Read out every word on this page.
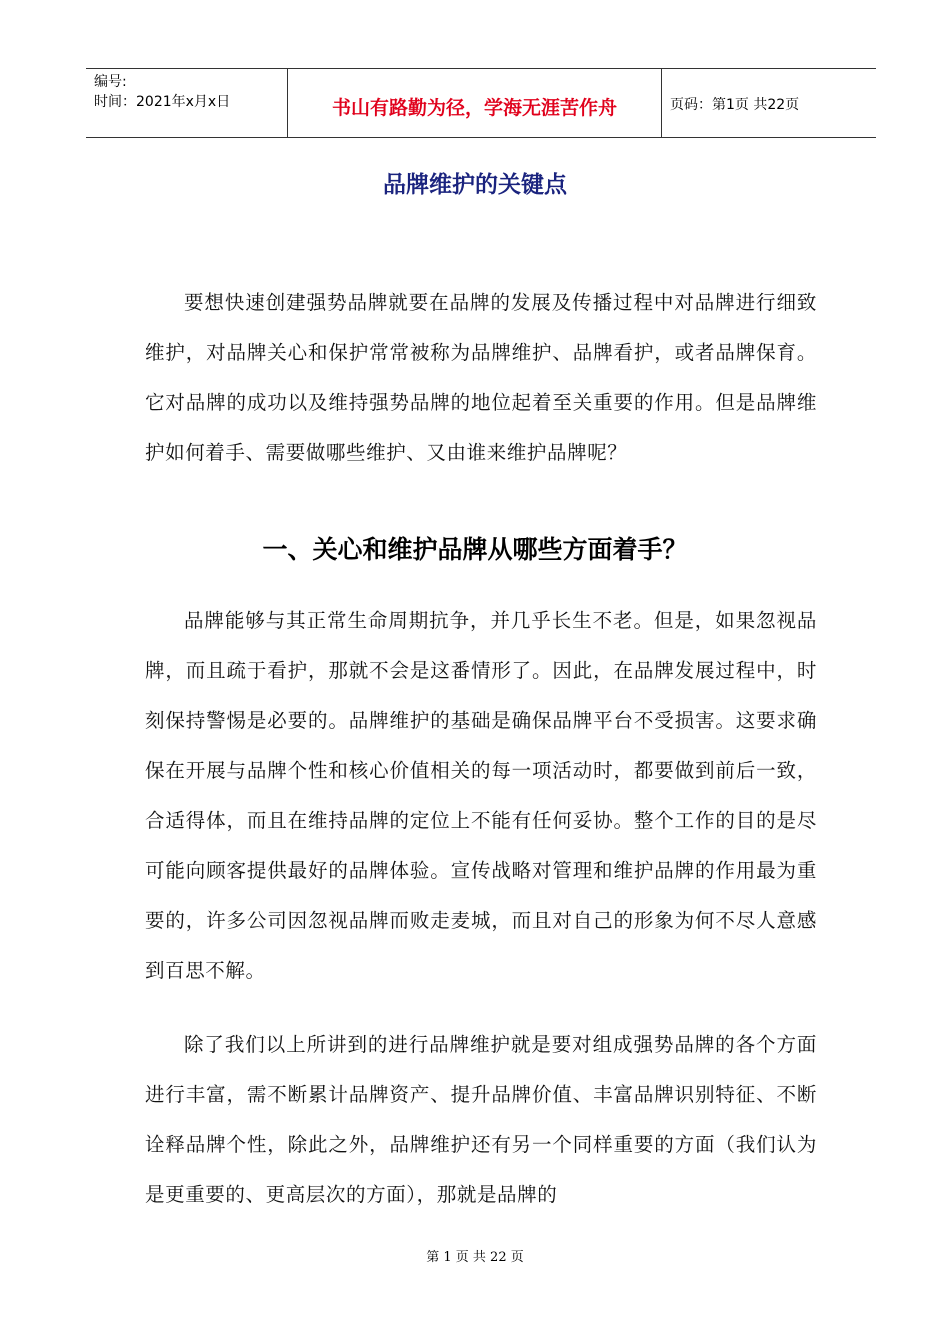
编号:
时间：2021年x月x日	书山有路勤为径，学海无涯苦作舟	页码：第1页 共22页
品牌维护的关键点

要想快速创建强势品牌就要在品牌的发展及传播过程中对品牌进行细致维护，对品牌关心和保护常常被称为品牌维护、品牌看护，或者品牌保育。它对品牌的成功以及维持强势品牌的地位起着至关重要的作用。但是品牌维护如何着手、需要做哪些维护、又由谁来维护品牌呢？

一、关心和维护品牌从哪些方面着手？

品牌能够与其正常生命周期抗争，并几乎长生不老。但是，如果忽视品牌，而且疏于看护，那就不会是这番情形了。因此，在品牌发展过程中，时刻保持警惕是必要的。品牌维护的基础是确保品牌平台不受损害。这要求确保在开展与品牌个性和核心价值相关的每一项活动时，都要做到前后一致，合适得体，而且在维持品牌的定位上不能有任何妥协。整个工作的目的是尽可能向顾客提供最好的品牌体验。宣传战略对管理和维护品牌的作用最为重要的，许多公司因忽视品牌而败走麦城，而且对自己的形象为何不尽人意感到百思不解。

除了我们以上所讲到的进行品牌维护就是要对组成强势品牌的各个方面进行丰富，需不断累计品牌资产、提升品牌价值、丰富品牌识别特征、不断诠释品牌个性，除此之外，品牌维护还有另一个同样重要的方面（我们认为是更重要的、更高层次的方面），那就是品牌的

第 1 页 共 22 页
